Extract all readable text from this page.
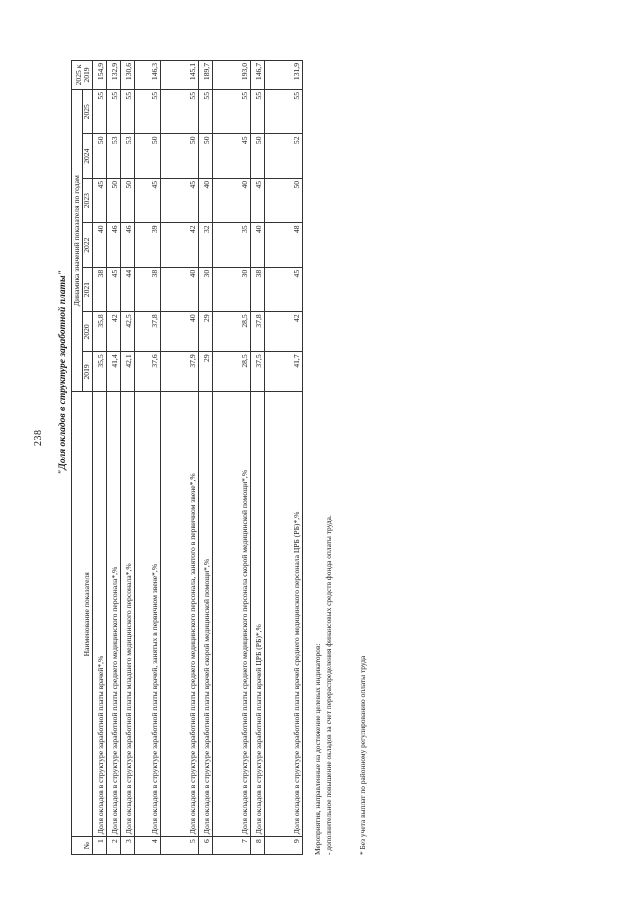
238 "Доля окладов в структуре заработной платы"
№	Наименование показателя	Динамика значений показателя по годам							2025 к 2019
		2019	2020	2021	2022	2023	2024	2025	
1	Доля окладов в структуре заработной платы врачей*,%	35,5	35,8	38	40	45	50	55	154,9
2	Доля окладов в структуре заработной платы среднего медицинского персонала*,%	41,4	42	45	46	50	53	55	132,9
3	Доля окладов в структуре заработной платы младшего медицинского персонала*,%	42,1	42,5	44	46	50	53	55	130,6
4	Доля окладов в структуре заработной платы врачей, занятых в первичном звене*,%	37,6	37,8	38	39	45	50	55	146,3
5	Доля окладов в структуре заработной платы среднего медицинского персонала, занятого в первичном звене*,%	37,9	40	40	42	45	50	55	145,1
6	Доля окладов в структуре заработной платы врачей скорой медицинской помощи*,%	29	29	30	32	40	50	55	189,7
7	Доля окладов в структуре заработной платы среднего медицинского персонала скорой медицинской помощи*,%	28,5	28,5	30	35	40	45	55	193,0
8	Доля окладов в структуре заработной платы врачей ЦРБ (РБ)*,%	37,5	37,8	38	40	45	50	55	146,7
9	Доля окладов в структуре заработной платы врачей среднего медицинского персонала ЦРБ (РБ)*,%	41,7	42	45	48	50	52	55	131,9

Мероприятия, направленные на достижение целевых индикаторов: - дополнительное повышение окладов за счет перераспределения финансовых средств фонда оплаты труда.	* Без учета выплат по районному регулированию оплаты труда
